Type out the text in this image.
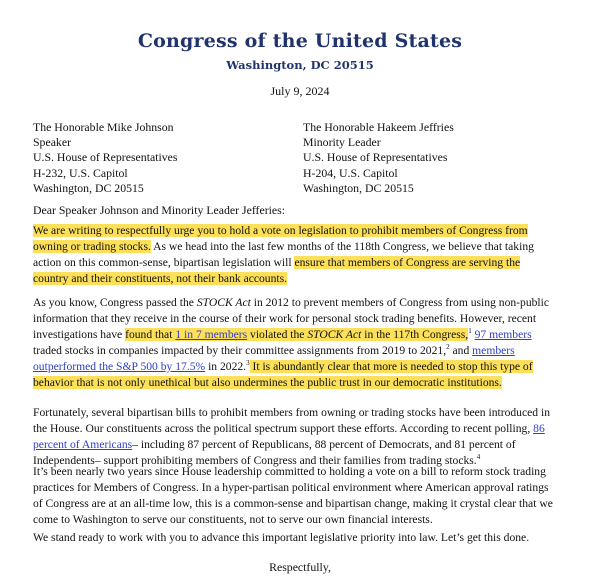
Congress of the United States
Washington, DC 20515
July 9, 2024
The Honorable Mike Johnson
Speaker
U.S. House of Representatives
H-232, U.S. Capitol
Washington, DC 20515
The Honorable Hakeem Jeffries
Minority Leader
U.S. House of Representatives
H-204, U.S. Capitol
Washington, DC 20515
Dear Speaker Johnson and Minority Leader Jefferies:
We are writing to respectfully urge you to hold a vote on legislation to prohibit members of Congress from
owning or trading stocks. As we head into the last few months of the 118th Congress, we believe that taking
action on this common-sense, bipartisan legislation will ensure that members of Congress are serving the
country and their constituents, not their bank accounts.
As you know, Congress passed the STOCK Act in 2012 to prevent members of Congress from using non-public
information that they receive in the course of their work for personal stock trading benefits. However, recent
investigations have found that 1 in 7 members violated the STOCK Act in the 117th Congress,$^1$ 97 members
traded stocks in companies impacted by their committee assignments from 2019 to 2021,$^2$ and members
outperformed the S&P 500 by 17.5% in 2022.$^3$ It is abundantly clear that more is needed to stop this type of
behavior that is not only unethical but also undermines the public trust in our democratic institutions.
Fortunately, several bipartisan bills to prohibit members from owning or trading stocks have been introduced in
the House. Our constituents across the political spectrum support these efforts. According to recent polling, 86
percent of Americans– including 87 percent of Republicans, 88 percent of Democrats, and 81 percent of
Independents– support prohibiting members of Congress and their families from trading stocks.$^4$
It’s been nearly two years since House leadership committed to holding a vote on a bill to reform stock trading
practices for Members of Congress. In a hyper-partisan political environment where American approval ratings
of Congress are at an all-time low, this is a common-sense and bipartisan change, making it crystal clear that we
come to Washington to serve our constituents, not to serve our own financial interests.
We stand ready to work with you to advance this important legislative priority into law. Let’s get this done.
Respectfully,
